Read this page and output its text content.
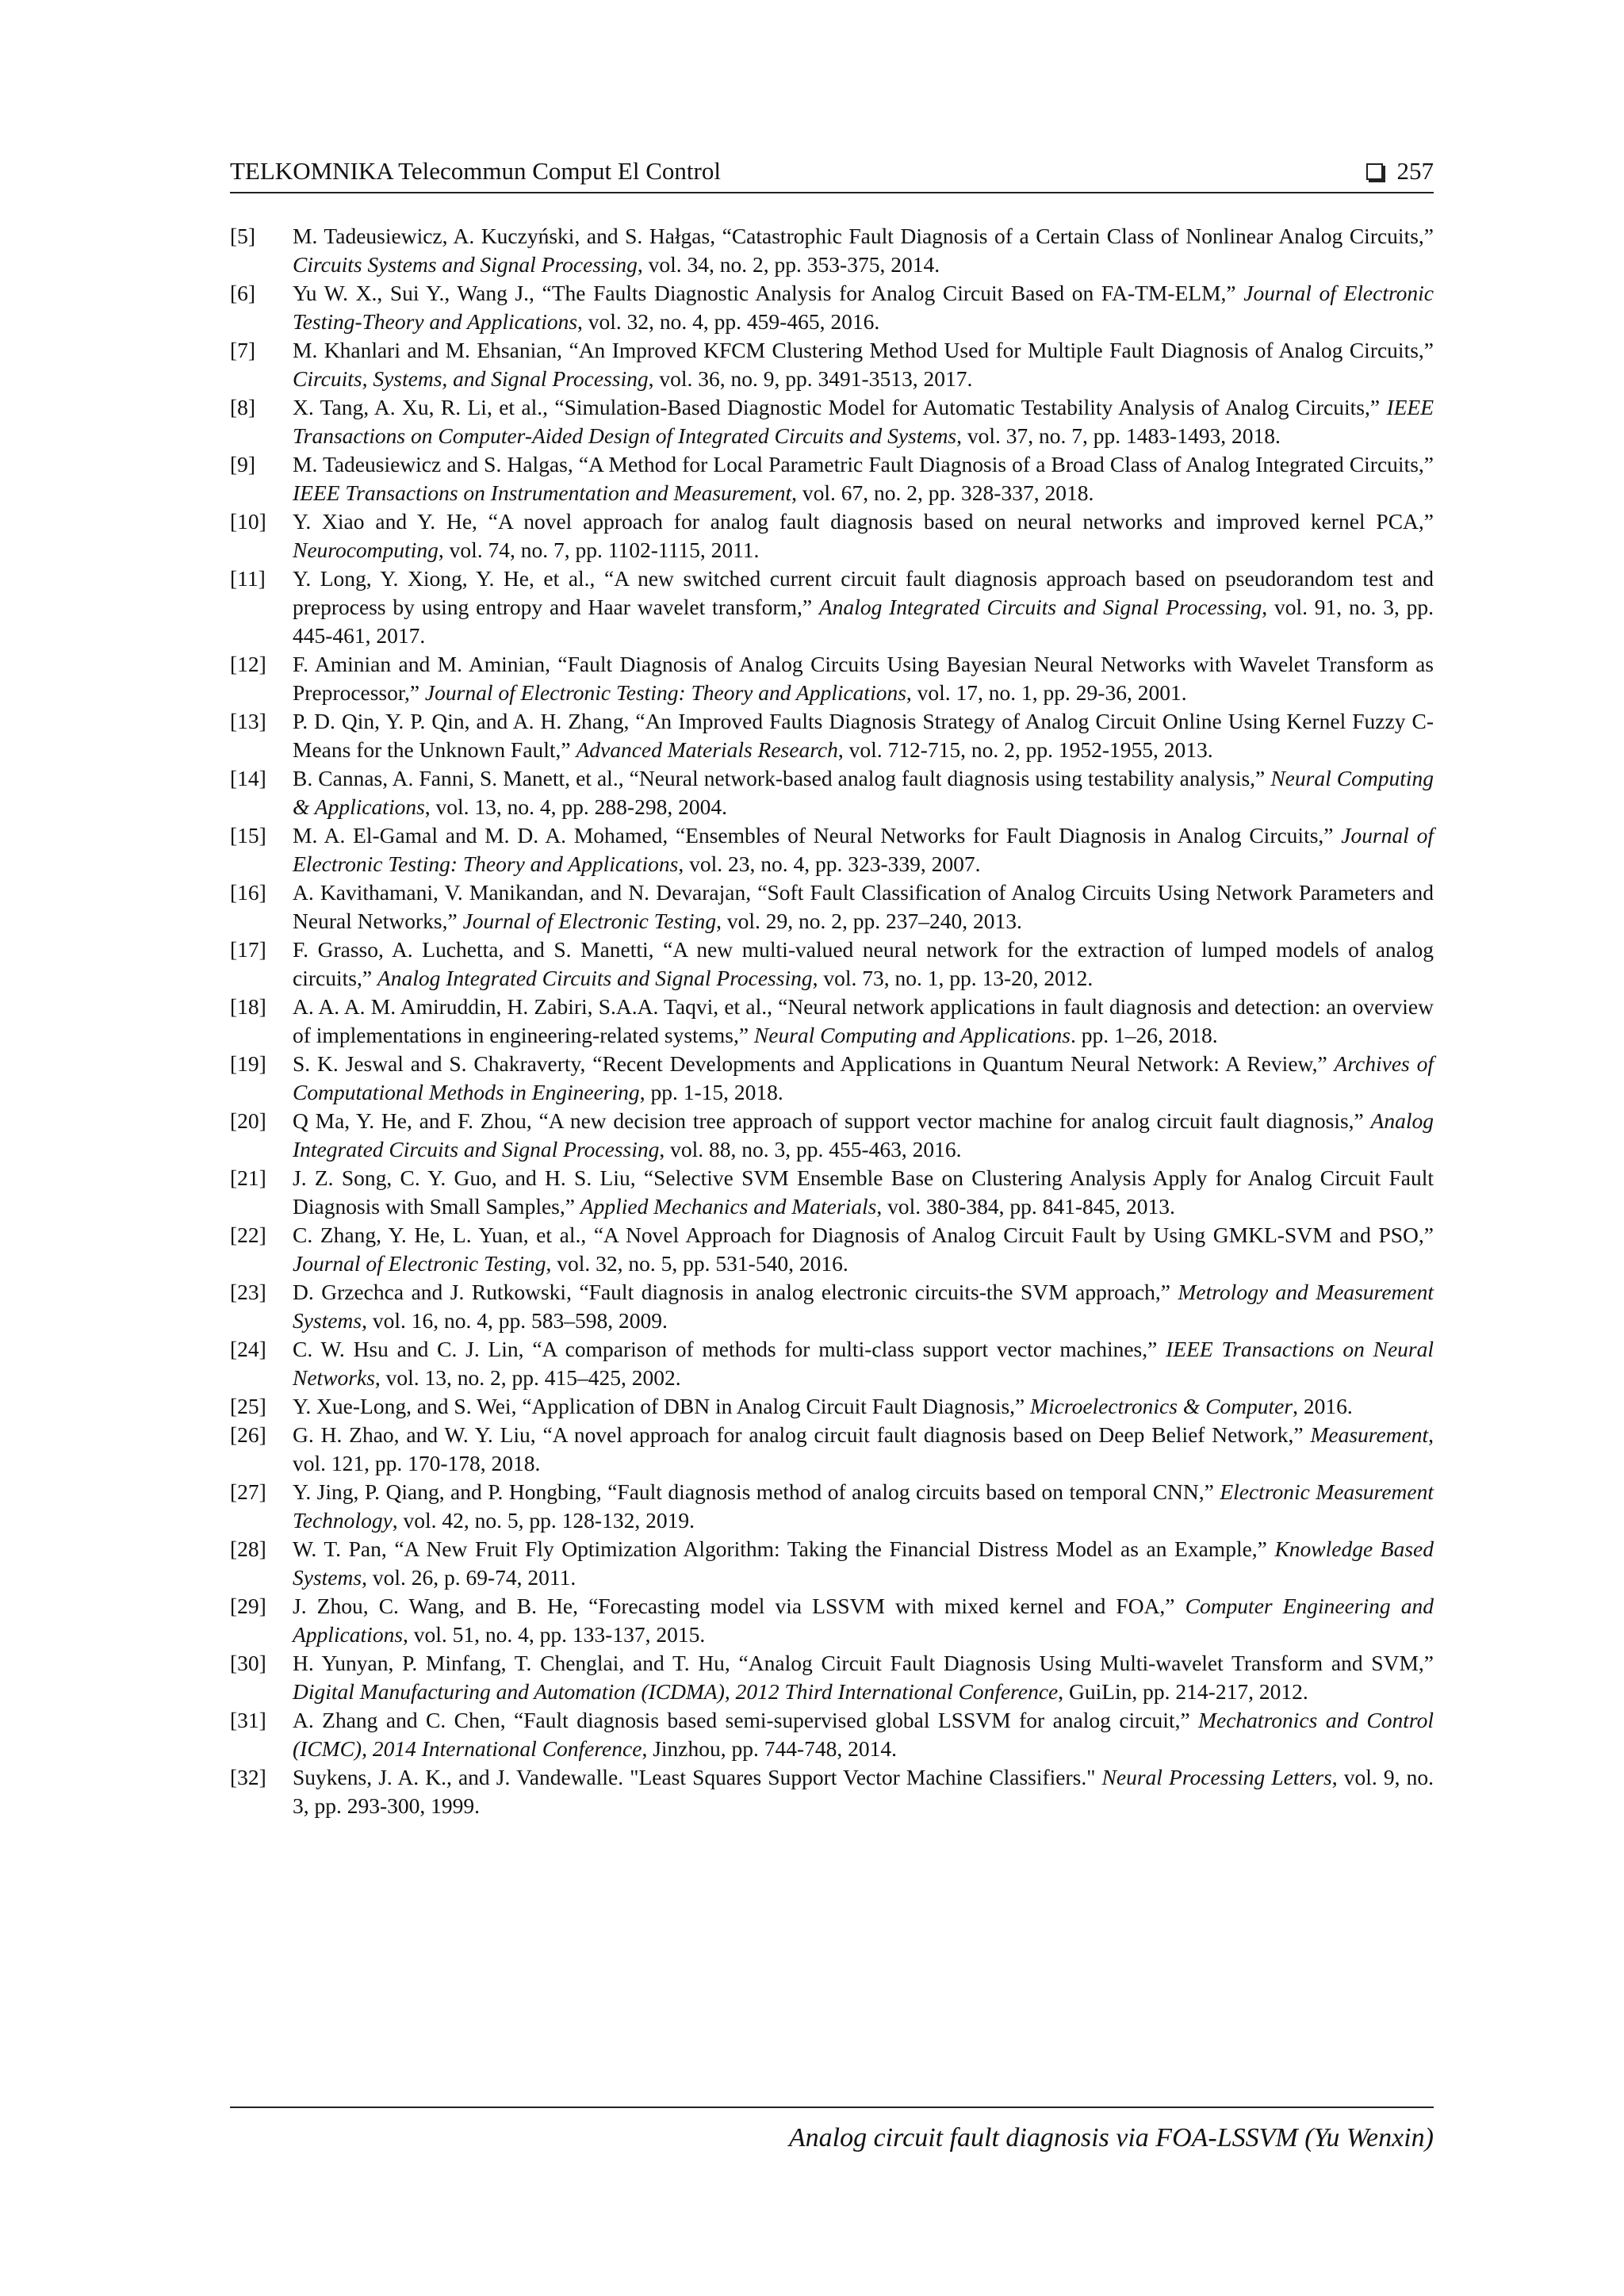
TELKOMNIKA Telecommun Comput El Control	257
[5] M. Tadeusiewicz, A. Kuczyński, and S. Hałgas, “Catastrophic Fault Diagnosis of a Certain Class of Nonlinear Analog Circuits,” Circuits Systems and Signal Processing, vol. 34, no. 2, pp. 353-375, 2014.
[6] Yu W. X., Sui Y., Wang J., “The Faults Diagnostic Analysis for Analog Circuit Based on FA-TM-ELM,” Journal of Electronic Testing-Theory and Applications, vol. 32, no. 4, pp. 459-465, 2016.
[7] M. Khanlari and M. Ehsanian, “An Improved KFCM Clustering Method Used for Multiple Fault Diagnosis of Analog Circuits,” Circuits, Systems, and Signal Processing, vol. 36, no. 9, pp. 3491-3513, 2017.
[8] X. Tang, A. Xu, R. Li, et al., “Simulation-Based Diagnostic Model for Automatic Testability Analysis of Analog Circuits,” IEEE Transactions on Computer-Aided Design of Integrated Circuits and Systems, vol. 37, no. 7, pp. 1483-1493, 2018.
[9] M. Tadeusiewicz and S. Halgas, “A Method for Local Parametric Fault Diagnosis of a Broad Class of Analog Integrated Circuits,” IEEE Transactions on Instrumentation and Measurement, vol. 67, no. 2, pp. 328-337, 2018.
[10] Y. Xiao and Y. He, “A novel approach for analog fault diagnosis based on neural networks and improved kernel PCA,” Neurocomputing, vol. 74, no. 7, pp. 1102-1115, 2011.
[11] Y. Long, Y. Xiong, Y. He, et al., “A new switched current circuit fault diagnosis approach based on pseudorandom test and preprocess by using entropy and Haar wavelet transform,” Analog Integrated Circuits and Signal Processing, vol. 91, no. 3, pp. 445-461, 2017.
[12] F. Aminian and M. Aminian, “Fault Diagnosis of Analog Circuits Using Bayesian Neural Networks with Wavelet Transform as Preprocessor,” Journal of Electronic Testing: Theory and Applications, vol. 17, no. 1, pp. 29-36, 2001.
[13] P. D. Qin, Y. P. Qin, and A. H. Zhang, “An Improved Faults Diagnosis Strategy of Analog Circuit Online Using Kernel Fuzzy C-Means for the Unknown Fault,” Advanced Materials Research, vol. 712-715, no. 2, pp. 1952-1955, 2013.
[14] B. Cannas, A. Fanni, S. Manett, et al., “Neural network-based analog fault diagnosis using testability analysis,” Neural Computing & Applications, vol. 13, no. 4, pp. 288-298, 2004.
[15] M. A. El-Gamal and M. D. A. Mohamed, “Ensembles of Neural Networks for Fault Diagnosis in Analog Circuits,” Journal of Electronic Testing: Theory and Applications, vol. 23, no. 4, pp. 323-339, 2007.
[16] A. Kavithamani, V. Manikandan, and N. Devarajan, “Soft Fault Classification of Analog Circuits Using Network Parameters and Neural Networks,” Journal of Electronic Testing, vol. 29, no. 2, pp. 237–240, 2013.
[17] F. Grasso, A. Luchetta, and S. Manetti, “A new multi-valued neural network for the extraction of lumped models of analog circuits,” Analog Integrated Circuits and Signal Processing, vol. 73, no. 1, pp. 13-20, 2012.
[18] A. A. A. M. Amiruddin, H. Zabiri, S.A.A. Taqvi, et al., “Neural network applications in fault diagnosis and detection: an overview of implementations in engineering-related systems,” Neural Computing and Applications. pp. 1–26, 2018.
[19] S. K. Jeswal and S. Chakraverty, “Recent Developments and Applications in Quantum Neural Network: A Review,” Archives of Computational Methods in Engineering, pp. 1-15, 2018.
[20] Q Ma, Y. He, and F. Zhou, “A new decision tree approach of support vector machine for analog circuit fault diagnosis,” Analog Integrated Circuits and Signal Processing, vol. 88, no. 3, pp. 455-463, 2016.
[21] J. Z. Song, C. Y. Guo, and H. S. Liu, “Selective SVM Ensemble Base on Clustering Analysis Apply for Analog Circuit Fault Diagnosis with Small Samples,” Applied Mechanics and Materials, vol. 380-384, pp. 841-845, 2013.
[22] C. Zhang, Y. He, L. Yuan, et al., “A Novel Approach for Diagnosis of Analog Circuit Fault by Using GMKL-SVM and PSO,” Journal of Electronic Testing, vol. 32, no. 5, pp. 531-540, 2016.
[23] D. Grzechca and J. Rutkowski, “Fault diagnosis in analog electronic circuits-the SVM approach,” Metrology and Measurement Systems, vol. 16, no. 4, pp. 583–598, 2009.
[24] C. W. Hsu and C. J. Lin, “A comparison of methods for multi-class support vector machines,” IEEE Transactions on Neural Networks, vol. 13, no. 2, pp. 415–425, 2002.
[25] Y. Xue-Long, and S. Wei, “Application of DBN in Analog Circuit Fault Diagnosis,” Microelectronics & Computer, 2016.
[26] G. H. Zhao, and W. Y. Liu, “A novel approach for analog circuit fault diagnosis based on Deep Belief Network,” Measurement, vol. 121, pp. 170-178, 2018.
[27] Y. Jing, P. Qiang, and P. Hongbing, “Fault diagnosis method of analog circuits based on temporal CNN,” Electronic Measurement Technology, vol. 42, no. 5, pp. 128-132, 2019.
[28] W. T. Pan, “A New Fruit Fly Optimization Algorithm: Taking the Financial Distress Model as an Example,” Knowledge Based Systems, vol. 26, p. 69-74, 2011.
[29] J. Zhou, C. Wang, and B. He, “Forecasting model via LSSVM with mixed kernel and FOA,” Computer Engineering and Applications, vol. 51, no. 4, pp. 133-137, 2015.
[30] H. Yunyan, P. Minfang, T. Chenglai, and T. Hu, “Analog Circuit Fault Diagnosis Using Multi-wavelet Transform and SVM,” Digital Manufacturing and Automation (ICDMA), 2012 Third International Conference, GuiLin, pp. 214-217, 2012.
[31] A. Zhang and C. Chen, “Fault diagnosis based semi-supervised global LSSVM for analog circuit,” Mechatronics and Control (ICMC), 2014 International Conference, Jinzhou, pp. 744-748, 2014.
[32] Suykens, J. A. K., and J. Vandewalle. "Least Squares Support Vector Machine Classifiers." Neural Processing Letters, vol. 9, no. 3, pp. 293-300, 1999.
Analog circuit fault diagnosis via FOA-LSSVM (Yu Wenxin)
